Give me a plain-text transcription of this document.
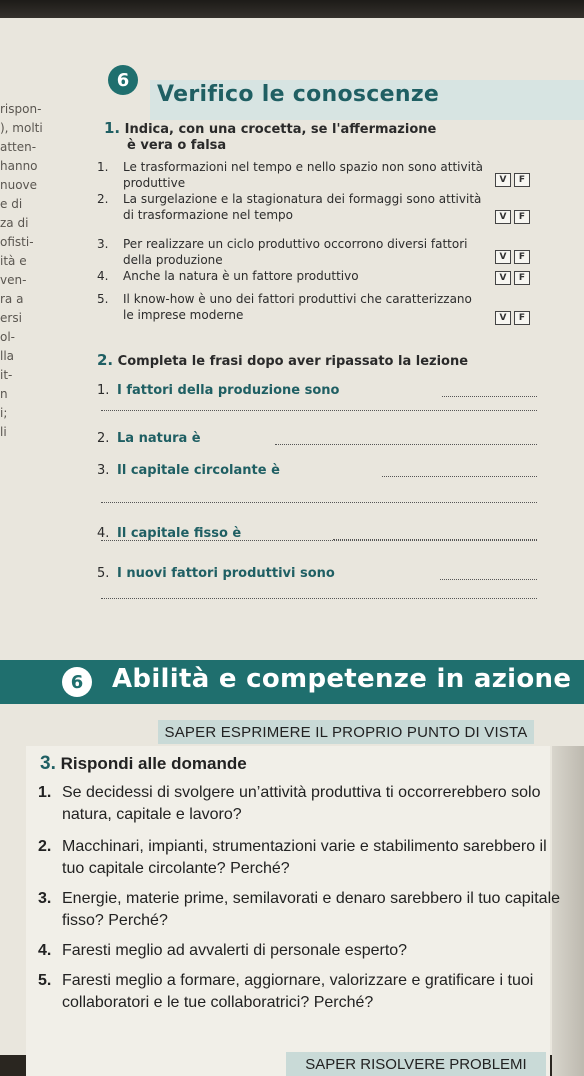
rispon-
), molti
atten-
hanno
nuove
e di
za di
ofisti-
ità e
ven-
ra a
ersi
ol-
lla
it-
n
i;
li
6
Verifico le conoscenze
1. Indica, con una crocetta, se l'affermazione
è vera o falsa
1.	Le trasformazioni nel tempo e nello spazio non sono attività produttive	V	F
2.	La surgelazione e la stagionatura dei formaggi sono attività di trasformazione nel tempo	V	F
3.	Per realizzare un ciclo produttivo occorrono diversi fattori della produzione	V	F
4.	Anche la natura è un fattore produttivo	V	F
5.	Il know-how è uno dei fattori produttivi che caratterizzano le imprese moderne	V	F
2. Completa le frasi dopo aver ripassato la lezione
1. I fattori della produzione sono
2. La natura è
3. Il capitale circolante è
4. Il capitale fisso è
5. I nuovi fattori produttivi sono
6	Abilità e competenze in azione
SAPER ESPRIMERE IL PROPRIO PUNTO DI VISTA
3. Rispondi alle domande
1. Se decidessi di svolgere un’attività produttiva ti occorrerebbero solo natura, capitale e lavoro?
2. Macchinari, impianti, strumentazioni varie e stabilimento sarebbero il tuo capitale circolante? Perché?
3. Energie, materie prime, semilavorati e denaro sarebbero il tuo capitale fisso? Perché?
4. Faresti meglio ad avvalerti di personale esperto?
5. Faresti meglio a formare, aggiornare, valorizzare e gratificare i tuoi collaboratori e le tue collaboratrici? Perché?
SAPER RISOLVERE PROBLEMI
